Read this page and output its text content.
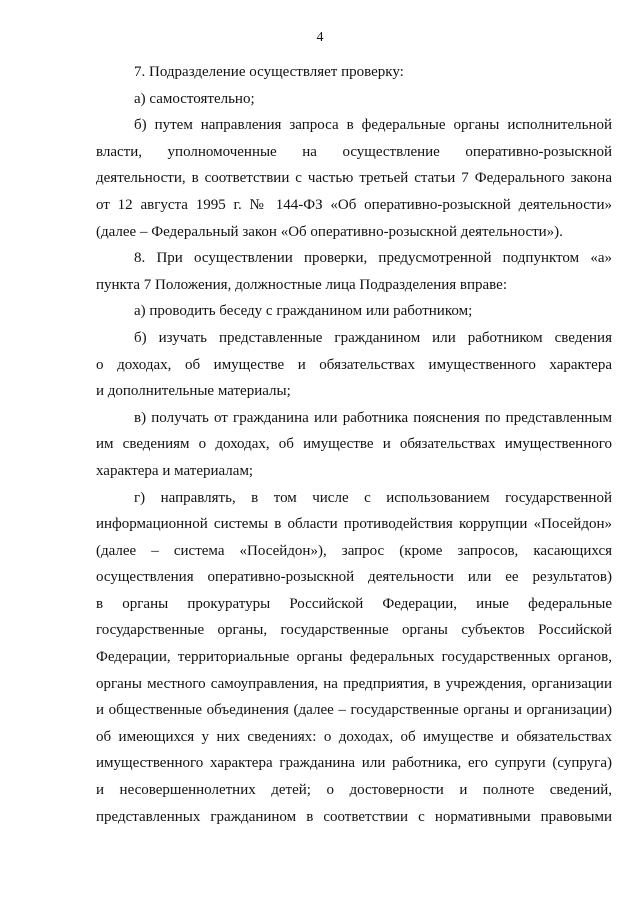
4
7. Подразделение осуществляет проверку:
а) самостоятельно;
б) путем направления запроса в федеральные органы исполнительной
власти, уполномоченные на осуществление оперативно-розыскной
деятельности, в соответствии с частью третьей статьи 7 Федерального закона
от 12 августа 1995 г. № 144-ФЗ «Об оперативно-розыскной деятельности»
(далее – Федеральный закон «Об оперативно-розыскной деятельности»).
8. При осуществлении проверки, предусмотренной подпунктом «а»
пункта 7 Положения, должностные лица Подразделения вправе:
а) проводить беседу с гражданином или работником;
б) изучать представленные гражданином или работником сведения
о доходах, об имуществе и обязательствах имущественного характера
и дополнительные материалы;
в) получать от гражданина или работника пояснения по представленным
им сведениям о доходах, об имуществе и обязательствах имущественного
характера и материалам;
г) направлять, в том числе с использованием государственной
информационной системы в области противодействия коррупции «Посейдон»
(далее – система «Посейдон»), запрос (кроме запросов, касающихся
осуществления оперативно-розыскной деятельности или ее результатов)
в органы прокуратуры Российской Федерации, иные федеральные
государственные органы, государственные органы субъектов Российской
Федерации, территориальные органы федеральных государственных органов,
органы местного самоуправления, на предприятия, в учреждения, организации
и общественные объединения (далее – государственные органы и организации)
об имеющихся у них сведениях: о доходах, об имуществе и обязательствах
имущественного характера гражданина или работника, его супруги (супруга)
и несовершеннолетних детей; о достоверности и полноте сведений,
представленных гражданином в соответствии с нормативными правовыми
